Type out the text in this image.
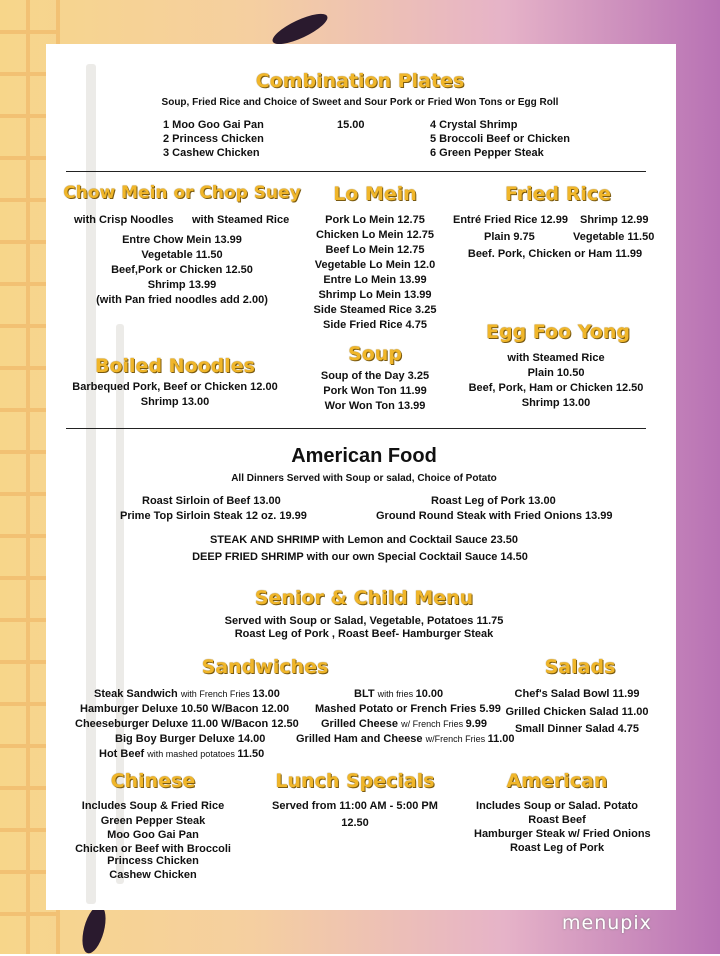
Combination Plates
Soup, Fried Rice and Choice of Sweet and Sour Pork or Fried Won Tons or Egg Roll
1 Moo Goo Gai Pan
2 Princess Chicken
3 Cashew Chicken
15.00	4 Crystal Shrimp
5 Broccoli Beef or Chicken
6 Green Pepper Steak
Chow Mein or Chop Suey
with Crisp Noodles with Steamed Rice
Entre Chow Mein 13.99
Vegetable 11.50
Beef,Pork or Chicken 12.50
Shrimp 13.99
(with Pan fried noodles add 2.00)
Lo Mein
Pork Lo Mein 12.75
Chicken Lo Mein 12.75
Beef Lo Mein 12.75
Vegetable Lo Mein 12.0
Entre Lo Mein 13.99
Shrimp Lo Mein 13.99
Side Steamed Rice 3.25
Side Fried Rice 4.75
Fried Rice
Entré Fried Rice 12.99 Shrimp 12.99
Plain 9.75	Vegetable 11.50
Beef. Pork, Chicken or Ham 11.99
Boiled Noodles
Barbequed Pork, Beef or Chicken 12.00
Shrimp 13.00
Soup
Soup of the Day 3.25
Pork Won Ton 11.99
Wor Won Ton 13.99
Egg Foo Yong
with Steamed Rice
Plain 10.50
Beef, Pork, Ham or Chicken 12.50
Shrimp 13.00
American Food
All Dinners Served with Soup or salad, Choice of Potato
Roast Sirloin of Beef 13.00
Prime Top Sirloin Steak 12 oz. 19.99
Roast Leg of Pork 13.00
Ground Round Steak with Fried Onions 13.99
STEAK AND SHRIMP with Lemon and Cocktail Sauce 23.50
DEEP FRIED SHRIMP with our own Special Cocktail Sauce 14.50
Senior & Child Menu
Served with Soup or Salad, Vegetable, Potatoes 11.75
Roast Leg of Pork , Roast Beef- Hamburger Steak
Sandwiches
Steak Sandwich with French Fries 13.00
Hamburger Deluxe 10.50 W/Bacon 12.00
Cheeseburger Deluxe 11.00 W/Bacon 12.50
Big Boy Burger Deluxe 14.00
Hot Beef with mashed potatoes 11.50
BLT with fries 10.00
Mashed Potato or French Fries 5.99
Grilled Cheese w/ French Fries 9.99
Grilled Ham and Cheese w/French Fries 11.00
Salads
Chef's Salad Bowl 11.99
Grilled Chicken Salad 11.00
Small Dinner Salad 4.75
Chinese
Includes Soup & Fried Rice
Green Pepper Steak
Moo Goo Gai Pan
Chicken or Beef with Broccoli
Princess Chicken
Cashew Chicken
Lunch Specials
Served from 11:00 AM - 5:00 PM
12.50
American
Includes Soup or Salad. Potato
Roast Beef
Hamburger Steak w/ Fried Onions
Roast Leg of Pork
menupix
